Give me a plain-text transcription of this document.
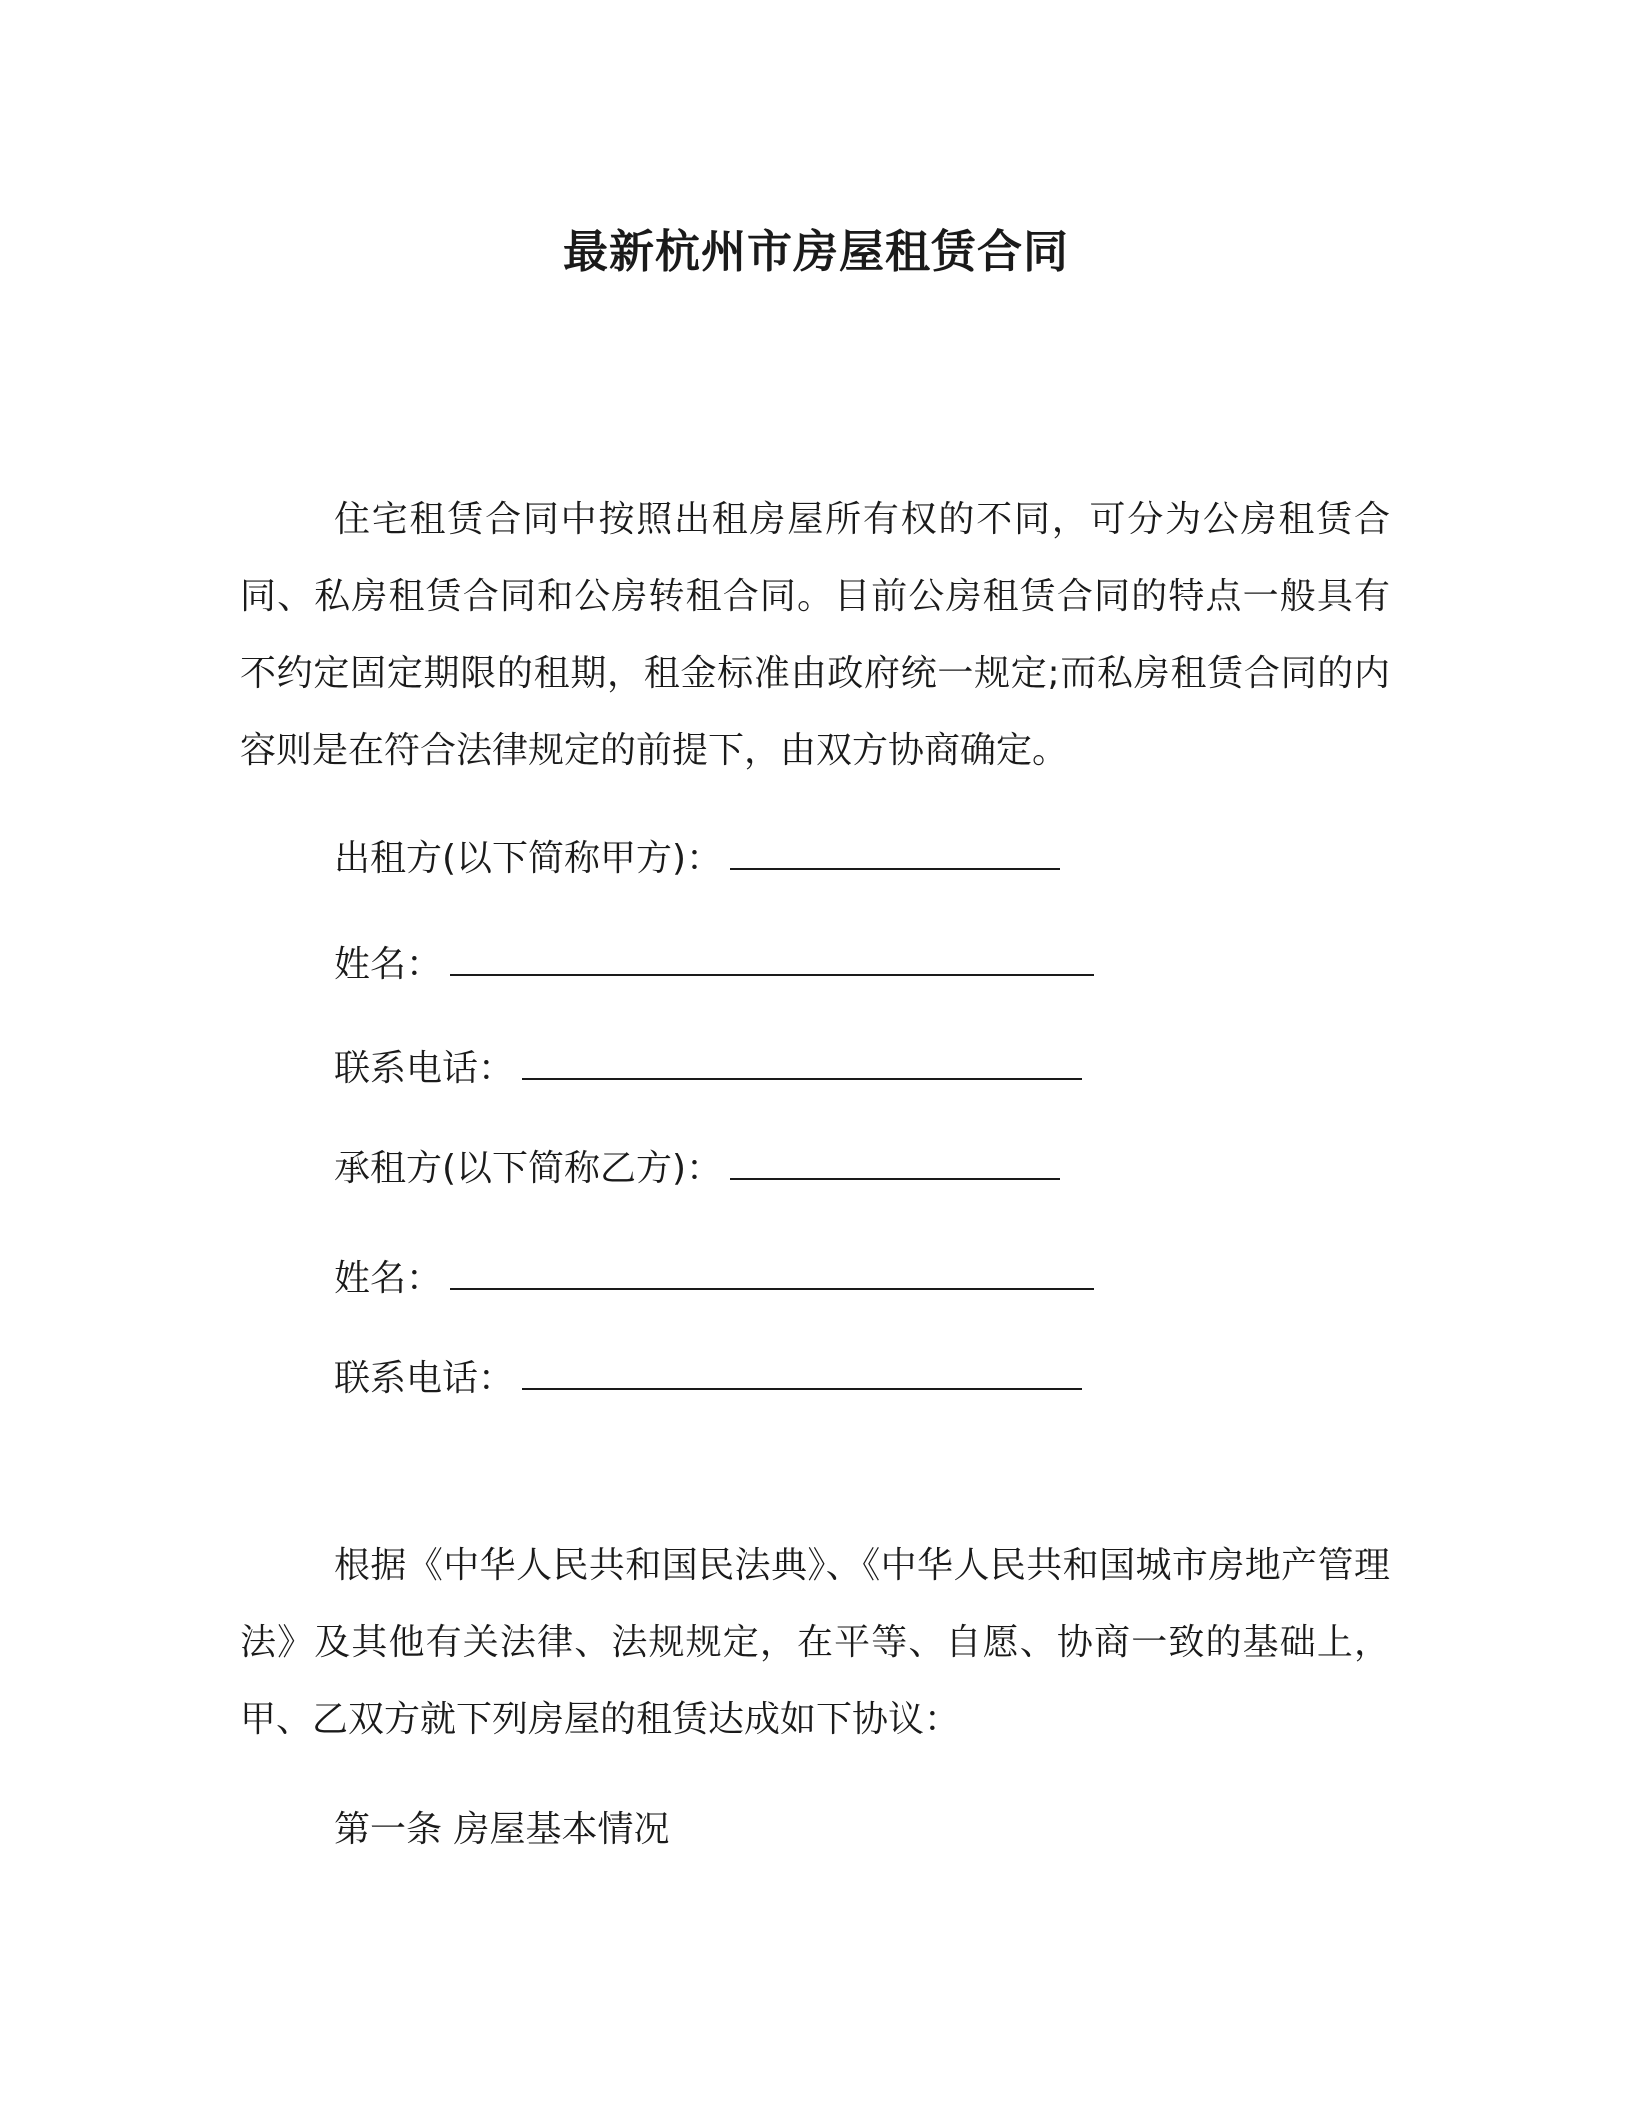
最新杭州市房屋租赁合同

住宅租赁合同中按照出租房屋所有权的不同，可分为公房租赁合同、私房租赁合同和公房转租合同。目前公房租赁合同的特点一般具有不约定固定期限的租期，租金标准由政府统一规定;而私房租赁合同的内容则是在符合法律规定的前提下，由双方协商确定。

出租方(以下简称甲方)：
姓名：
联系电话：
承租方(以下简称乙方)：
姓名：
联系电话：

根据《中华人民共和国民法典》、《中华人民共和国城市房地产管理法》及其他有关法律、法规规定，在平等、自愿、协商一致的基础上，甲、乙双方就下列房屋的租赁达成如下协议：

第一条 房屋基本情况
